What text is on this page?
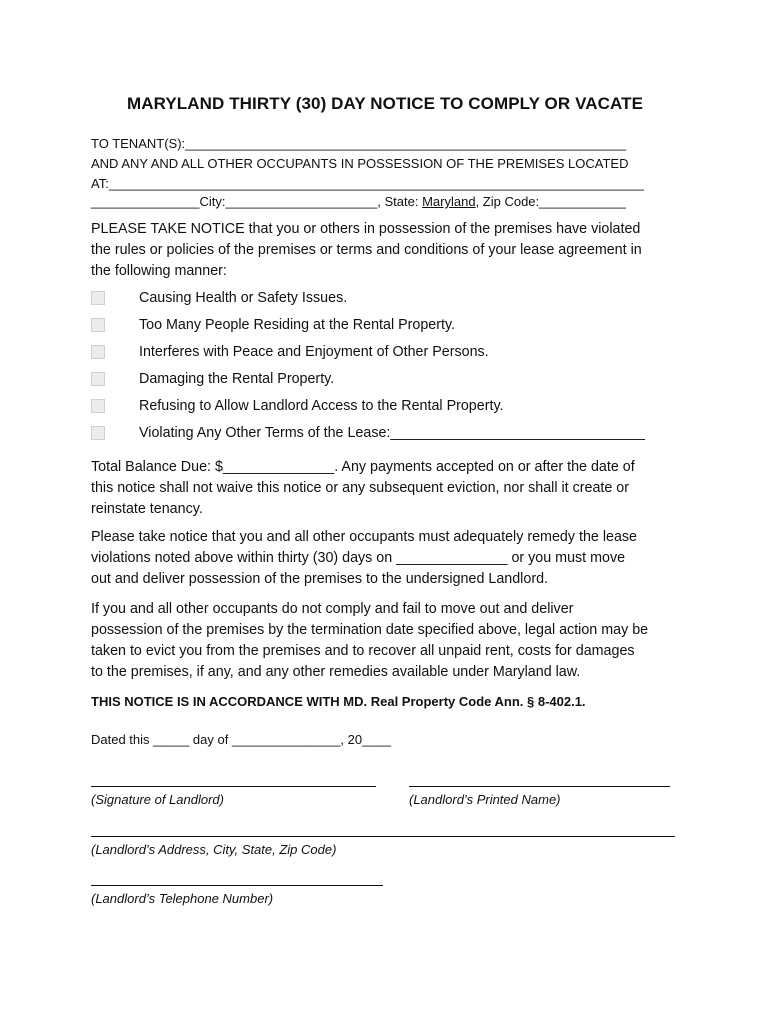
MARYLAND THIRTY (30) DAY NOTICE TO COMPLY OR VACATE
TO TENANT(S):_____________________________________________________________
AND ANY AND ALL OTHER OCCUPANTS IN POSSESSION OF THE PREMISES LOCATED
AT:__________________________________________________________________________
_______________City:_____________________, State: Maryland, Zip Code:____________
PLEASE TAKE NOTICE that you or others in possession of the premises have violated
the rules or policies of the premises or terms and conditions of your lease agreement in
the following manner:
Causing Health or Safety Issues.
Too Many People Residing at the Rental Property.
Interferes with Peace and Enjoyment of Other Persons.
Damaging the Rental Property.
Refusing to Allow Landlord Access to the Rental Property.
Violating Any Other Terms of the Lease:________________________________
Total Balance Due: $______________. Any payments accepted on or after the date of
this notice shall not waive this notice or any subsequent eviction, nor shall it create or
reinstate tenancy.
Please take notice that you and all other occupants must adequately remedy the lease
violations noted above within thirty (30) days on ______________ or you must move
out and deliver possession of the premises to the undersigned Landlord.
If you and all other occupants do not comply and fail to move out and deliver
possession of the premises by the termination date specified above, legal action may be
taken to evict you from the premises and to recover all unpaid rent, costs for damages
to the premises, if any, and any other remedies available under Maryland law.
THIS NOTICE IS IN ACCORDANCE WITH MD. Real Property Code Ann. § 8-402.1.
Dated this _____ day of _______________, 20____
(Signature of Landlord)	(Landlord’s Printed Name)
(Landlord’s Address, City, State, Zip Code)
(Landlord’s Telephone Number)
